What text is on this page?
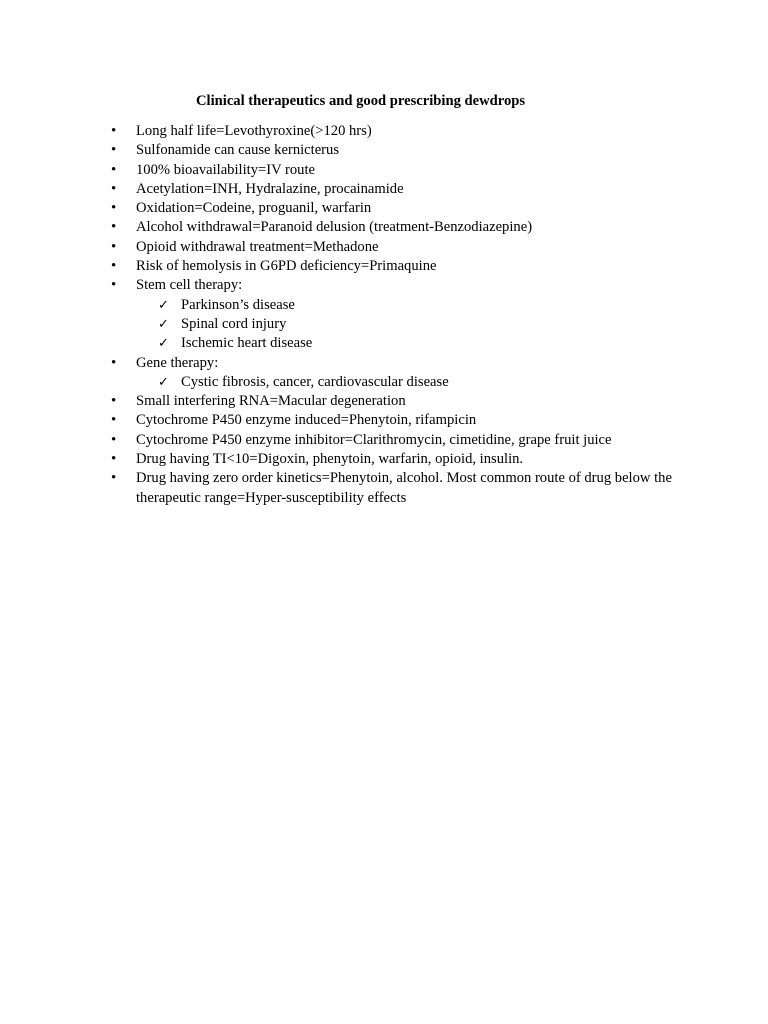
Clinical therapeutics and good prescribing dewdrops
• Long half life=Levothyroxine(>120 hrs)
• Sulfonamide can cause kernicterus
• 100% bioavailability=IV route
• Acetylation=INH, Hydralazine, procainamide
• Oxidation=Codeine, proguanil, warfarin
• Alcohol withdrawal=Paranoid delusion (treatment-Benzodiazepine)
• Opioid withdrawal treatment=Methadone
• Risk of hemolysis in G6PD deficiency=Primaquine
• Stem cell therapy:
✓ Parkinson’s disease
✓ Spinal cord injury
✓ Ischemic heart disease
• Gene therapy:
✓ Cystic fibrosis, cancer, cardiovascular disease
• Small interfering RNA=Macular degeneration
• Cytochrome P450 enzyme induced=Phenytoin, rifampicin
• Cytochrome P450 enzyme inhibitor=Clarithromycin, cimetidine, grape fruit juice
• Drug having TI<10=Digoxin, phenytoin, warfarin, opioid, insulin.
• Drug having zero order kinetics=Phenytoin, alcohol. Most common route of drug below the therapeutic range=Hyper-susceptibility effects
